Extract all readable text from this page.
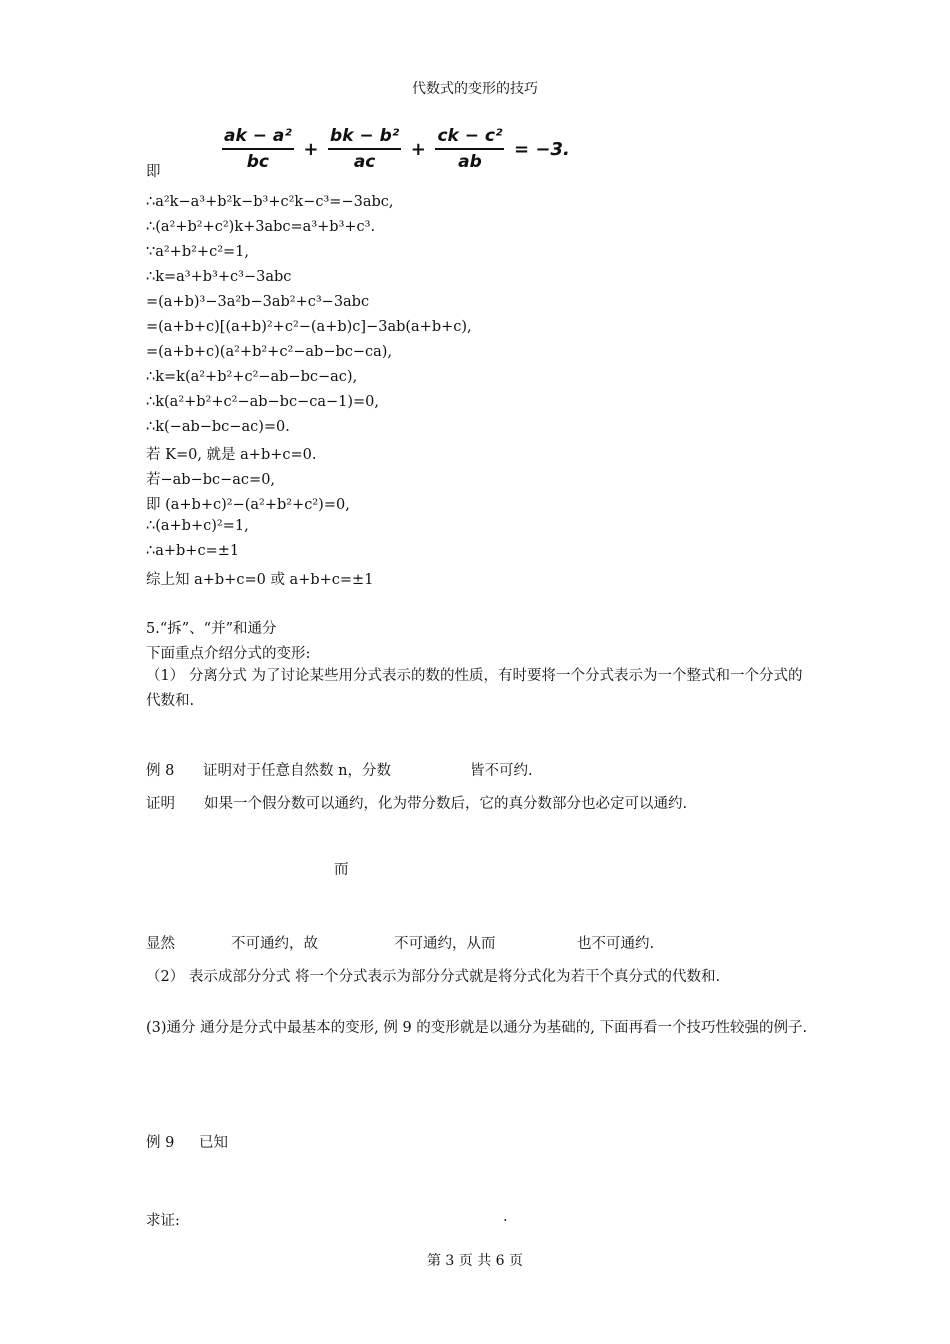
代数式的变形的技巧
即	$\frac{\text{ak − a²}}{bc} + \frac{\text{bk − b²}}{ac} + \frac{\text{ck − c²}}{ab} = -3$.
∴a²k−a³+b²k−b³+c²k−c³=−3abc,
∴(a²+b²+c²)k+3abc=a³+b³+c³.
∵a²+b²+c²=1,
∴k=a³+b³+c³−3abc
=(a+b)³−3a²b−3ab²+c³−3abc
=(a+b+c)[(a+b)²+c²−(a+b)c]−3ab(a+b+c),
=(a+b+c)(a²+b²+c²−ab−bc−ca),
∴k=k(a²+b²+c²−ab−bc−ac),
∴k(a²+b²+c²−ab−bc−ca−1)=0,
∴k(−ab−bc−ac)=0.
若 K=0, 就是 a+b+c=0.
若−ab−bc−ac=0,
即 (a+b+c)²−(a²+b²+c²)=0,
∴(a+b+c)²=1,
∴a+b+c=±1
综上知 a+b+c=0 或 a+b+c=±1
5.“拆”、“并”和通分
下面重点介绍分式的变形:
（1） 分离分式 为了讨论某些用分式表示的数的性质，有时要将一个分式表示为一个整式和一个分式的代数和.
例 8 证明对于任意自然数 n，分数	皆不可约.
证明 如果一个假分数可以通约，化为带分数后，它的真分数部分也必定可以通约.
而
显然	不可通约，故	不可通约，从而	也不可通约.
（2） 表示成部分分式 将一个分式表示为部分分式就是将分式化为若干个真分式的代数和.
(3)通分 通分是分式中最基本的变形, 例 9 的变形就是以通分为基础的, 下面再看一个技巧性较强的例子.
例 9 已知
求证:	.
第 3 页 共 6 页
